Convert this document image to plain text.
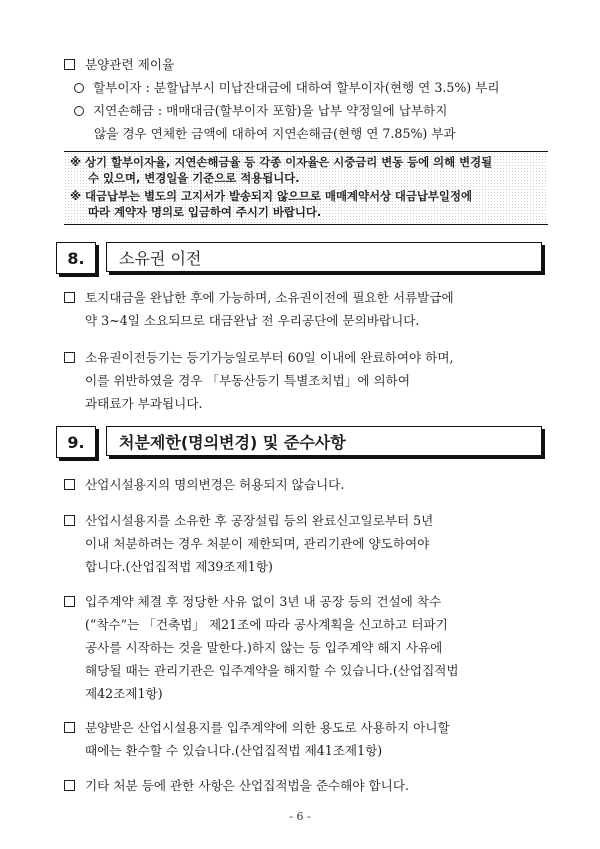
분양관련 제이율
할부이자 : 분할납부시 미납잔대금에 대하여 할부이자(현행 연 3.5%) 부리
지연손해금 : 매매대금(할부이자 포함)을 납부 약정일에 납부하지
않을 경우 연체한 금액에 대하여 지연손해금(현행 연 7.85%) 부과
※ 상기 할부이자율, 지연손해금율 등 각종 이자율은 시중금리 변동 등에 의해 변경될
수 있으며, 변경일을 기준으로 적용됩니다.
※ 대금납부는 별도의 고지서가 발송되지 않으므로 매매계약서상 대금납부일정에
따라 계약자 명의로 입금하여 주시기 바랍니다.
8.	소유권 이전
토지대금을 완납한 후에 가능하며, 소유권이전에 필요한 서류발급에
약 3~4일 소요되므로 대금완납 전 우리공단에 문의바랍니다.
소유권이전등기는 등기가능일로부터 60일 이내에 완료하여야 하며,
이를 위반하였을 경우 「부동산등기 특별조치법」에 의하여
과태료가 부과됩니다.
9.	처분제한(명의변경) 및 준수사항
산업시설용지의 명의변경은 허용되지 않습니다.
산업시설용지를 소유한 후 공장설립 등의 완료신고일로부터 5년
이내 처분하려는 경우 처분이 제한되며, 관리기관에 양도하여야
합니다.(산업집적법 제39조제1항)
입주계약 체결 후 정당한 사유 없이 3년 내 공장 등의 건설에 착수
(“착수”는 「건축법」 제21조에 따라 공사계획을 신고하고 터파기
공사를 시작하는 것을 말한다.)하지 않는 등 입주계약 해지 사유에
해당될 때는 관리기관은 입주계약을 해지할 수 있습니다.(산업집적법
제42조제1항)
분양받은 산업시설용지를 입주계약에 의한 용도로 사용하지 아니할
때에는 환수할 수 있습니다.(산업집적법 제41조제1항)
기타 처분 등에 관한 사항은 산업집적법을 준수해야 합니다.
- 6 -
